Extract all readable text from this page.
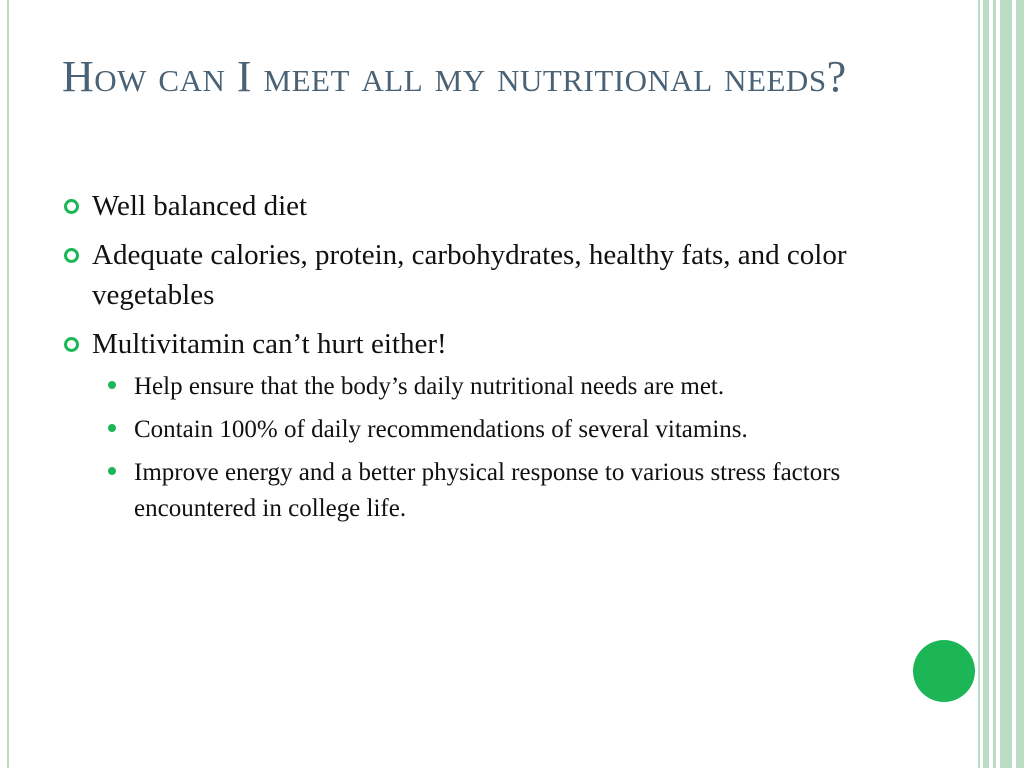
How can I meet all my nutritional needs?
Well balanced diet
Adequate calories, protein, carbohydrates, healthy fats, and color vegetables
Multivitamin can’t hurt either!
Help ensure that the body’s daily nutritional needs are met.
Contain 100% of daily recommendations of several vitamins.
Improve energy and a better physical response to various stress factors encountered in college life.
